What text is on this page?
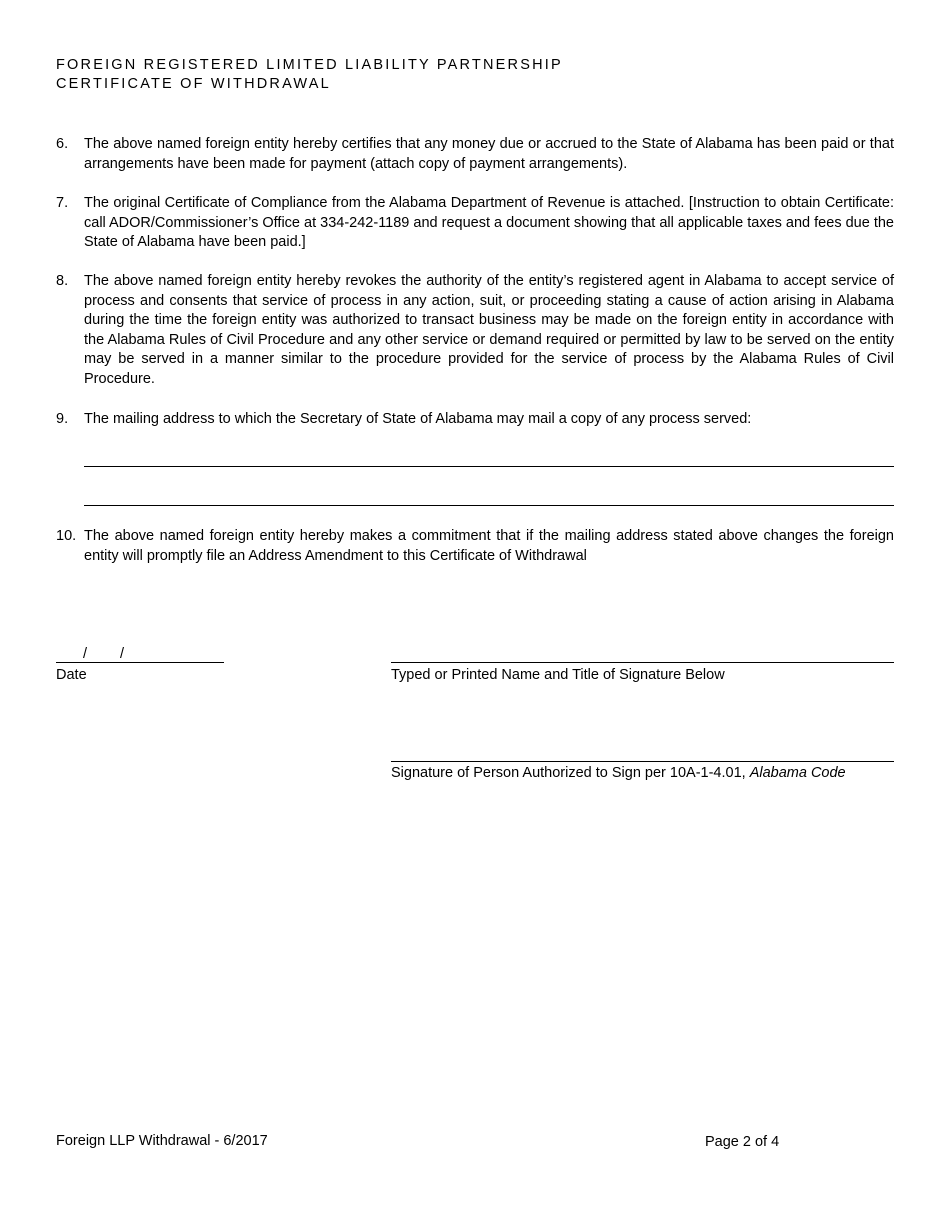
FOREIGN REGISTERED LIMITED LIABILITY PARTNERSHIP
CERTIFICATE OF WITHDRAWAL
6. The above named foreign entity hereby certifies that any money due or accrued to the State of Alabama has been paid or that arrangements have been made for payment (attach copy of payment arrangements).
7. The original Certificate of Compliance from the Alabama Department of Revenue is attached. [Instruction to obtain Certificate: call ADOR/Commissioner’s Office at 334-242-1189 and request a document showing that all applicable taxes and fees due the State of Alabama have been paid.]
8. The above named foreign entity hereby revokes the authority of the entity’s registered agent in Alabama to accept service of process and consents that service of process in any action, suit, or proceeding stating a cause of action arising in Alabama during the time the foreign entity was authorized to transact business may be made on the foreign entity in accordance with the Alabama Rules of Civil Procedure and any other service or demand required or permitted by law to be served on the entity may be served in a manner similar to the procedure provided for the service of process by the Alabama Rules of Civil Procedure.
9. The mailing address to which the Secretary of State of Alabama may mail a copy of any process served:
10. The above named foreign entity hereby makes a commitment that if the mailing address stated above changes the foreign entity will promptly file an Address Amendment to this Certificate of Withdrawal
/ /
Date	Typed or Printed Name and Title of Signature Below
Signature of Person Authorized to Sign per 10A-1-4.01, Alabama Code
Foreign LLP Withdrawal - 6/2017	Page 2 of 4
